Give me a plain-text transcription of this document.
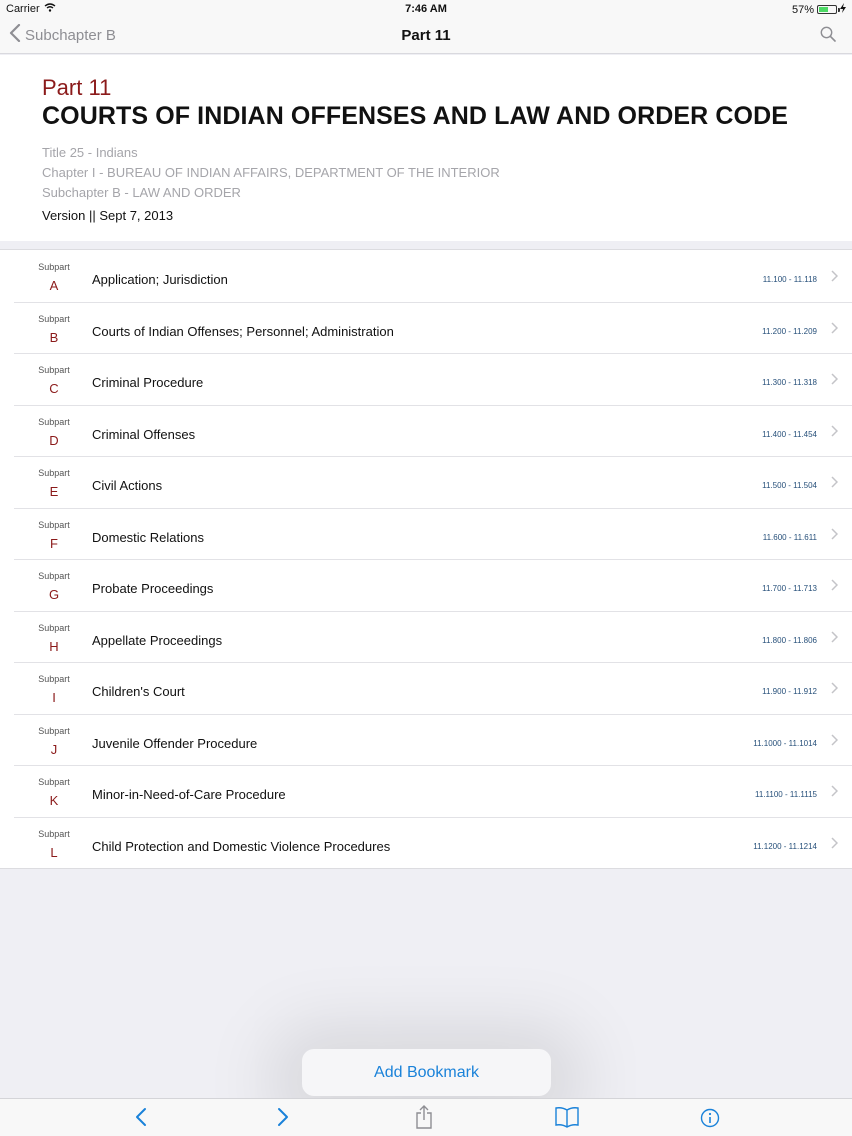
Carrier	7:46 AM	57%
Subchapter B	Part 11
Part 11
COURTS OF INDIAN OFFENSES AND LAW AND ORDER CODE
Title 25 - Indians
Chapter I - BUREAU OF INDIAN AFFAIRS, DEPARTMENT OF THE INTERIOR
Subchapter B - LAW AND ORDER
Version || Sept 7, 2013
Subpart
A	Application; Jurisdiction	11.100 - 11.118
Subpart
B	Courts of Indian Offenses; Personnel; Administration	11.200 - 11.209
Subpart
C	Criminal Procedure	11.300 - 11.318
Subpart
D	Criminal Offenses	11.400 - 11.454
Subpart
E	Civil Actions	11.500 - 11.504
Subpart
F	Domestic Relations	11.600 - 11.611
Subpart
G	Probate Proceedings	11.700 - 11.713
Subpart
H	Appellate Proceedings	11.800 - 11.806
Subpart
I	Children's Court	11.900 - 11.912
Subpart
J	Juvenile Offender Procedure	11.1000 - 11.1014
Subpart
K	Minor-in-Need-of-Care Procedure	11.1100 - 11.1115
Subpart
L	Child Protection and Domestic Violence Procedures	11.1200 - 11.1214
Add Bookmark
